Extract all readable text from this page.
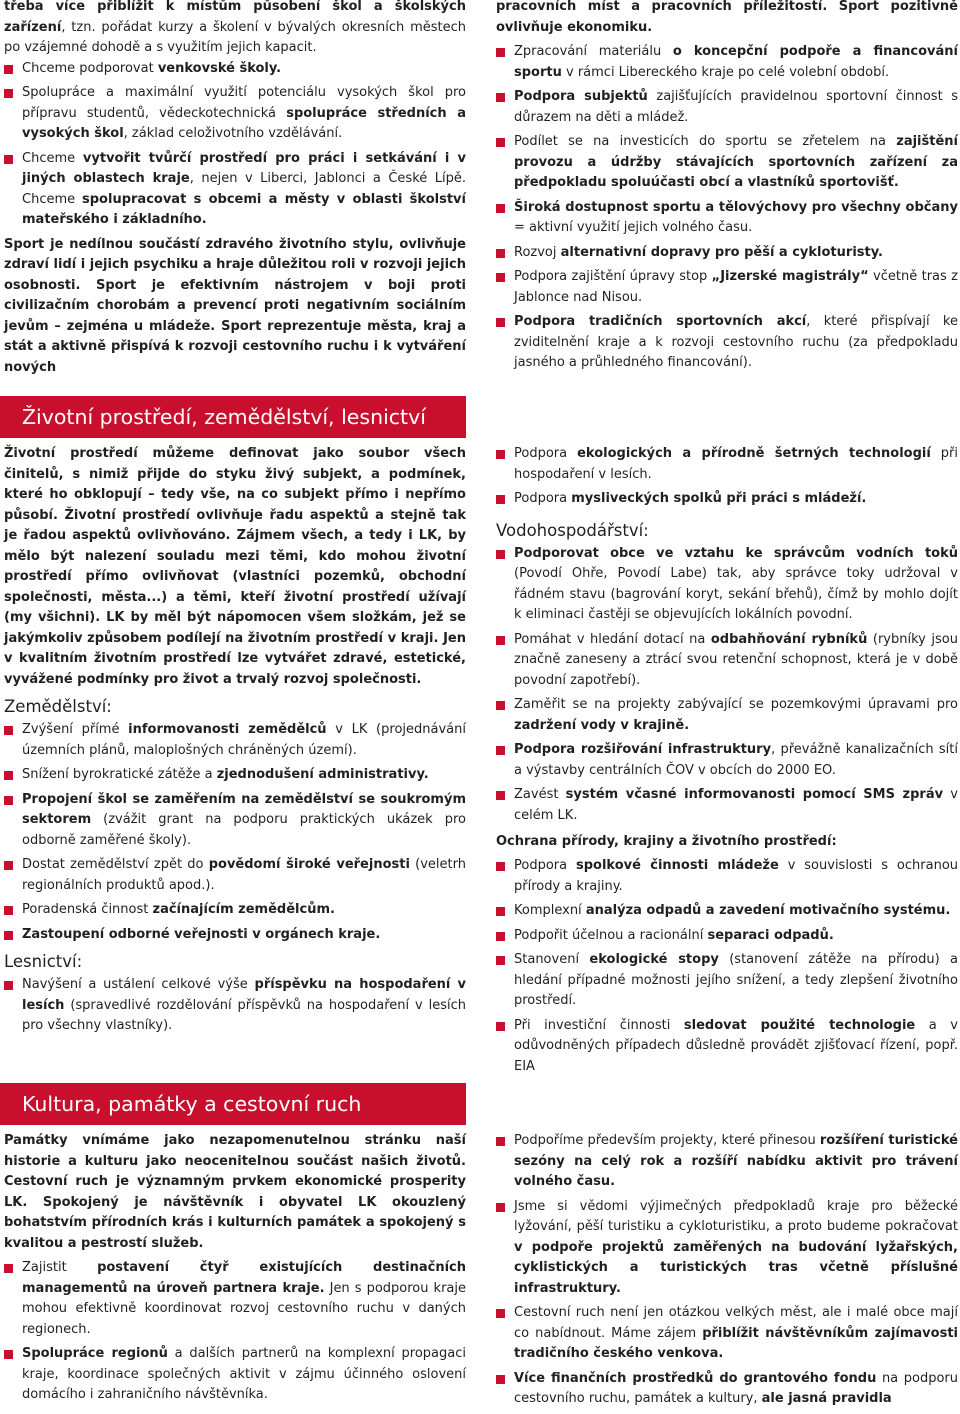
třeba více přiblížit k místům působení škol a školských zařízení, tzn. pořádat kurzy a školení v bývalých okresních městech po vzájemné dohodě a s využitím jejich kapacit.

Chceme podporovat venkovské školy.
Spolupráce a maximální využití potenciálu vysokých škol pro přípravu studentů, vědeckotechnická spolupráce středních a vysokých škol, základ celoživotního vzdělávání.
Chceme vytvořit tvůrčí prostředí pro práci i setkávání i v jiných oblastech kraje, nejen v Liberci, Jablonci a České Lípě. Chceme spolupracovat s obcemi a městy v oblasti školství mateřského i základního.

Sport je nedílnou součástí zdravého životního stylu, ovlivňuje zdraví lidí i jejich psychiku a hraje důležitou roli v rozvoji jejich osobnosti. Sport je efektivním nástrojem v boji proti civilizačním chorobám a prevencí proti negativním sociálním jevům – zejména u mládeže. Sport reprezentuje města, kraj a stát a aktivně přispívá k rozvoji cestovního ruchu i k vytváření nových

pracovních míst a pracovních příležitostí. Sport pozitivně ovlivňuje ekonomiku.

Zpracování materiálu o koncepční podpoře a financování sportu v rámci Libereckého kraje po celé volební období.
Podpora subjektů zajišťujících pravidelnou sportovní činnost s důrazem na děti a mládež.
Podílet se na investicích do sportu se zřetelem na zajištění provozu a údržby stávajících sportovních zařízení za předpokladu spoluúčasti obcí a vlastníků sportovišť.
Široká dostupnost sportu a tělovýchovy pro všechny občany = aktivní využití jejich volného času.
Rozvoj alternativní dopravy pro pěší a cykloturisty.
Podpora zajištění úpravy stop „Jizerské magistrály“ včetně tras z Jablonce nad Nisou.
Podpora tradičních sportovních akcí, které přispívají ke zviditelnění kraje a k rozvoji cestovního ruchu (za předpokladu jasného a průhledného financování).
Životní prostředí, zemědělství, lesnictví

Životní prostředí můžeme definovat jako soubor všech činitelů, s nimiž přijde do styku živý subjekt, a podmínek, které ho obklopují – tedy vše, na co subjekt přímo i nepřímo působí. Životní prostředí ovlivňuje řadu aspektů a stejně tak je řadou aspektů ovlivňováno. Zájmem všech, a tedy i LK, by mělo být nalezení souladu mezi těmi, kdo mohou životní prostředí přímo ovlivňovat (vlastníci pozemků, obchodní společnosti, města...) a těmi, kteří životní prostředí užívají (my všichni). LK by měl být nápomocen všem složkám, jež se jakýmkoliv způsobem podílejí na životním prostředí v kraji. Jen v kvalitním životním prostředí lze vytvářet zdravé, estetické, vyvážené podmínky pro život a trvalý rozvoj společnosti.

Zemědělství:
Zvýšení přímé informovanosti zemědělců v LK (projednávání územních plánů, maloplošných chráněných území).
Snížení byrokratické zátěže a zjednodušení administrativy.
Propojení škol se zaměřením na zemědělství se soukromým sektorem (zvážit grant na podporu praktických ukázek pro odborně zaměřené školy).
Dostat zemědělství zpět do povědomí široké veřejnosti (veletrh regionálních produktů apod.).
Poradenská činnost začínajícím zemědělcům.
Zastoupení odborné veřejnosti v orgánech kraje.
Lesnictví:
Navýšení a ustálení celkové výše příspěvku na hospodaření v lesích (spravedlivé rozdělování příspěvků na hospodaření v lesích pro všechny vlastníky).
Podpora ekologických a přírodně šetrných technologií při hospodaření v lesích.
Podpora mysliveckých spolků při práci s mládeží.
Vodohospodářství:
Podporovat obce ve vztahu ke správcům vodních toků (Povodí Ohře, Povodí Labe) tak, aby správce toky udržoval v řádném stavu (bagrování koryt, sekání břehů), čímž by mohlo dojít k eliminaci častěji se objevujících lokálních povodní.
Pomáhat v hledání dotací na odbahňování rybníků (rybníky jsou značně zaneseny a ztrácí svou retenční schopnost, která je v době povodní zapotřebí).
Zaměřit se na projekty zabývající se pozemkovými úpravami pro zadržení vody v krajině.
Podpora rozšiřování infrastruktury, převážně kanalizačních sítí a výstavby centrálních ČOV v obcích do 2000 EO.
Zavést systém včasné informovanosti pomocí SMS zpráv v celém LK.
Ochrana přírody, krajiny a životního prostředí:
Podpora spolkové činnosti mládeže v souvislosti s ochranou přírody a krajiny.
Komplexní analýza odpadů a zavedení motivačního systému.
Podpořit účelnou a racionální separaci odpadů.
Stanovení ekologické stopy (stanovení zátěže na přírodu) a hledání případné možnosti jejího snížení, a tedy zlepšení životního prostředí.
Při investiční činnosti sledovat použité technologie a v odůvodněných případech důsledně provádět zjišťovací řízení, popř. EIA
Kultura, památky a cestovní ruch

Památky vnímáme jako nezapomenutelnou stránku naší historie a kulturu jako neoceniteInou součást našich životů. Cestovní ruch je významným prvkem ekonomické prosperity LK. Spokojený je návštěvník i obyvatel LK okouzlený bohatstvím přírodních krás i kulturních památek a spokojený s kvalitou a pestrostí služeb.

Zajistit postavení čtyř existujících destinačních managementů na úroveň partnera kraje. Jen s podporou kraje mohou efektivně koordinovat rozvoj cestovního ruchu v daných regionech.
Spolupráce regionů a dalších partnerů na komplexní propagaci kraje, koordinace společných aktivit v zájmu účinného oslovení domácího i zahraničního návštěvníka.
Podpoříme především projekty, které přinesou rozšíření turistické sezóny na celý rok a rozšíří nabídku aktivit pro trávení volného času.
Jsme si vědomi výjimečných předpokladů kraje pro běžecké lyžování, pěší turistiku a cykloturistiku, a proto budeme pokračovat v podpoře projektů zaměřených na budování lyžařských, cyklistických a turistických tras včetně příslušné infrastruktury.
Cestovní ruch není jen otázkou velkých měst, ale i malé obce mají co nabídnout. Máme zájem přiblížit návštěvníkům zajímavosti tradičního českého venkova.
Více finančních prostředků do grantového fondu na podporu cestovního ruchu, památek a kultury, ale jasná pravidla
